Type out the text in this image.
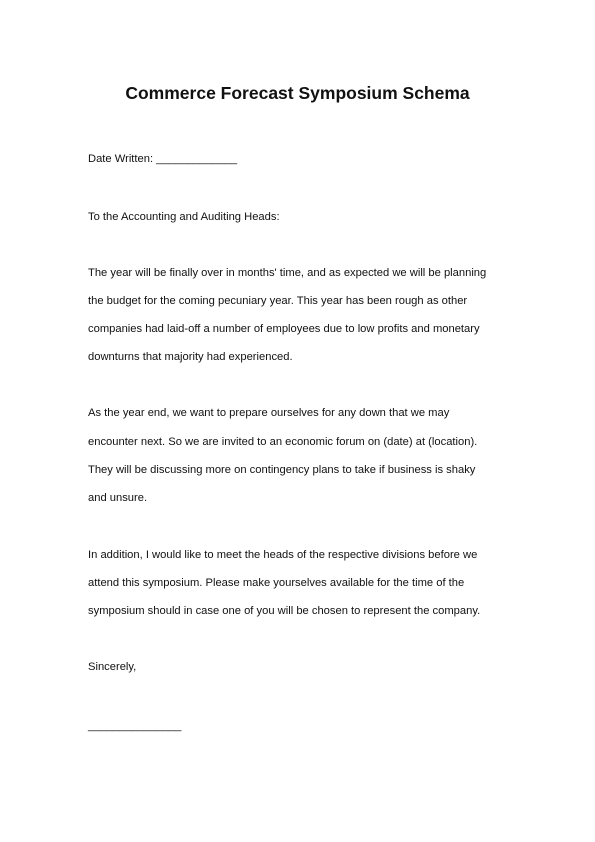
Commerce Forecast Symposium Schema
Date Written: _____________
To the Accounting and Auditing Heads:
The year will be finally over in months' time, and as expected we will be planning
the budget for the coming pecuniary year. This year has been rough as other
companies had laid-off a number of employees due to low profits and monetary
downturns that majority had experienced.
As the year end, we want to prepare ourselves for any down that we may
encounter next. So we are invited to an economic forum on (date) at (location).
They will be discussing more on contingency plans to take if business is shaky
and unsure.
In addition, I would like to meet the heads of the respective divisions before we
attend this symposium. Please make yourselves available for the time of the
symposium should in case one of you will be chosen to represent the company.
Sincerely,
_______________
